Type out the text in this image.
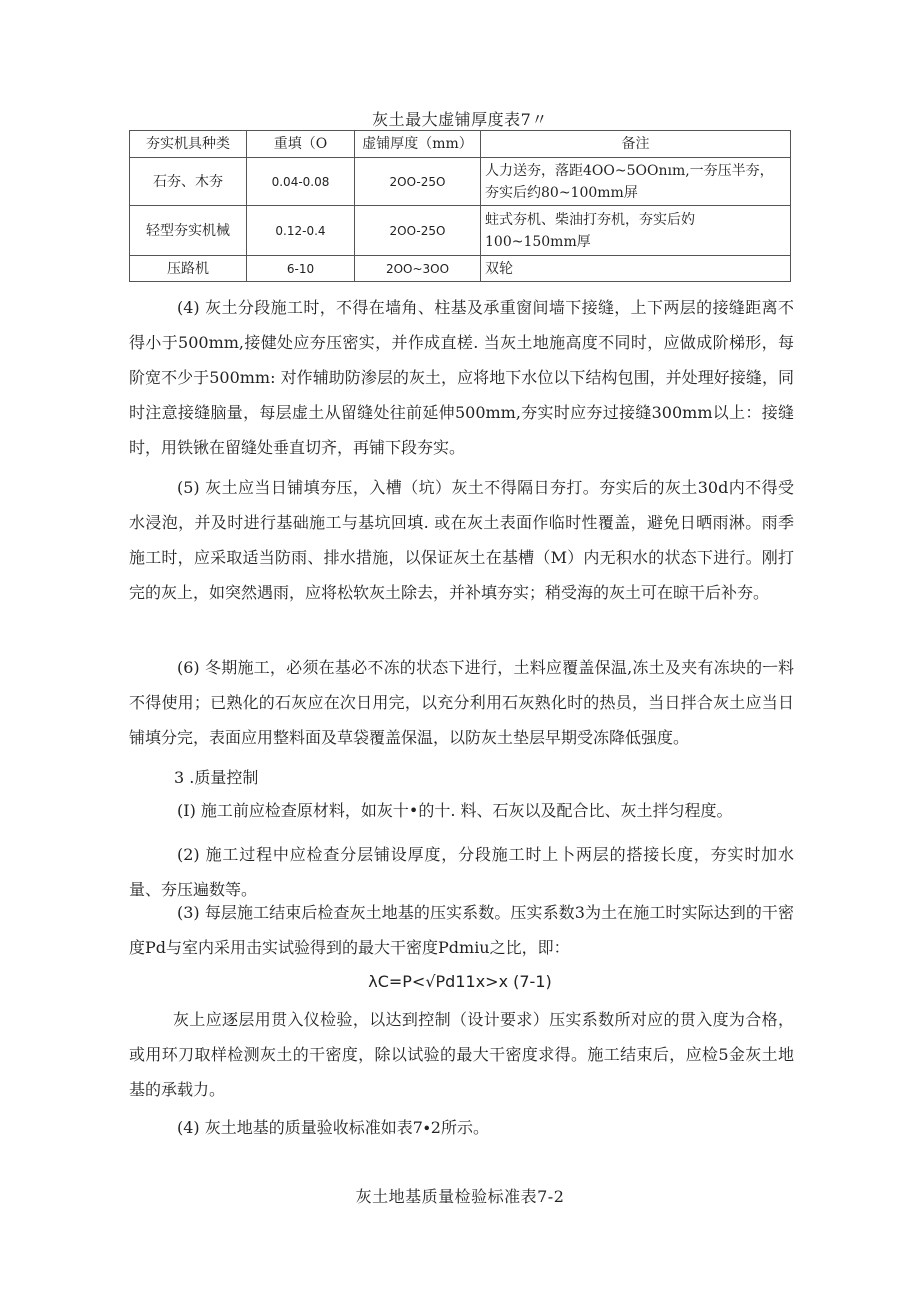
灰土最大虚铺厚度表7〃
夯实机具种类	重填（O	虚铺厚度（mm）	备注
石夯、木夯	0.04-0.08	2OO-25O	人力送夯，落距4OO~5OOnım,一夯压半夯，夯实后约80~100mm屏
轻型夯实机械	0.12-0.4	2OO-25O	蛀式夯机、柴油打夯机，夯实后妁100~150mm厚
压路机	6-10	2OO~3OO	双轮

(4) 灰土分段施工时，不得在墙角、柱基及承重窗间墙下接缝，上下两层的接缝距离不得小于500mm,接健处应夯压密实，并作成直槎. 当灰土地施高度不同时，应做成阶梯形，每阶宽不少于500mm: 对作辅助防渗层的灰土，应将地下水位以下结构包围，并处理好接缝，同时注意接缝脑量，每层虚土从留缝处往前延伸500mm,夯实时应夯过接缝300mm以上：接缝时，用铁锹在留缝处垂直切齐，再铺下段夯实。

(5) 灰土应当日铺填夯压，入槽（坑）灰土不得隔日夯打。夯实后的灰土30d内不得受水浸泡，并及时进行基础施工与基坑回填. 或在灰土表面作临时性覆盖，避免日晒雨淋。雨季施工时，应采取适当防雨、排水措施，以保证灰土在基槽（M）内无积水的状态下进行。刚打完的灰上，如突然遇雨，应将松软灰土除去，并补填夯实；稍受海的灰土可在晾干后补夯。

(6) 冬期施工，必须在基必不冻的状态下进行，土料应覆盖保温,冻土及夹有冻块的ㅡ料不得使用；已熟化的石灰应在次日用完，以充分利用石灰熟化时的热员，当日拌合灰土应当日铺填分完，表面应用整料面及草袋覆盖保温，以防灰土垫层早期受冻降低强度。

3 .质量控制

(I) 施工前应检查原材料，如灰十•的十. 料、石灰以及配合比、灰土拌匀程度。

(2) 施工过程中应检查分层铺设厚度，分段施工时上卜两层的搭接长度，夯实时加水量、夯压遍数等。

(3) 每层施工结束后检查灰土地基的压实系数。压实系数3为土在施工时实际达到的干密度Pd与室内采用击实试验得到的最大干密度Pdmiu之比，即：

λC=P<√Pd11x>x (7-1)

灰上应逐层用贯入仪检验，以达到控制（设计要求）压实系数所对应的贯入度为合格，或用环刀取样检测灰土的干密度，除以试验的最大干密度求得。施工结束后，应检5金灰土地基的承载力。

(4) 灰土地基的质量验收标准如表7∙2所示。

灰土地基质量检验标准表7-2
